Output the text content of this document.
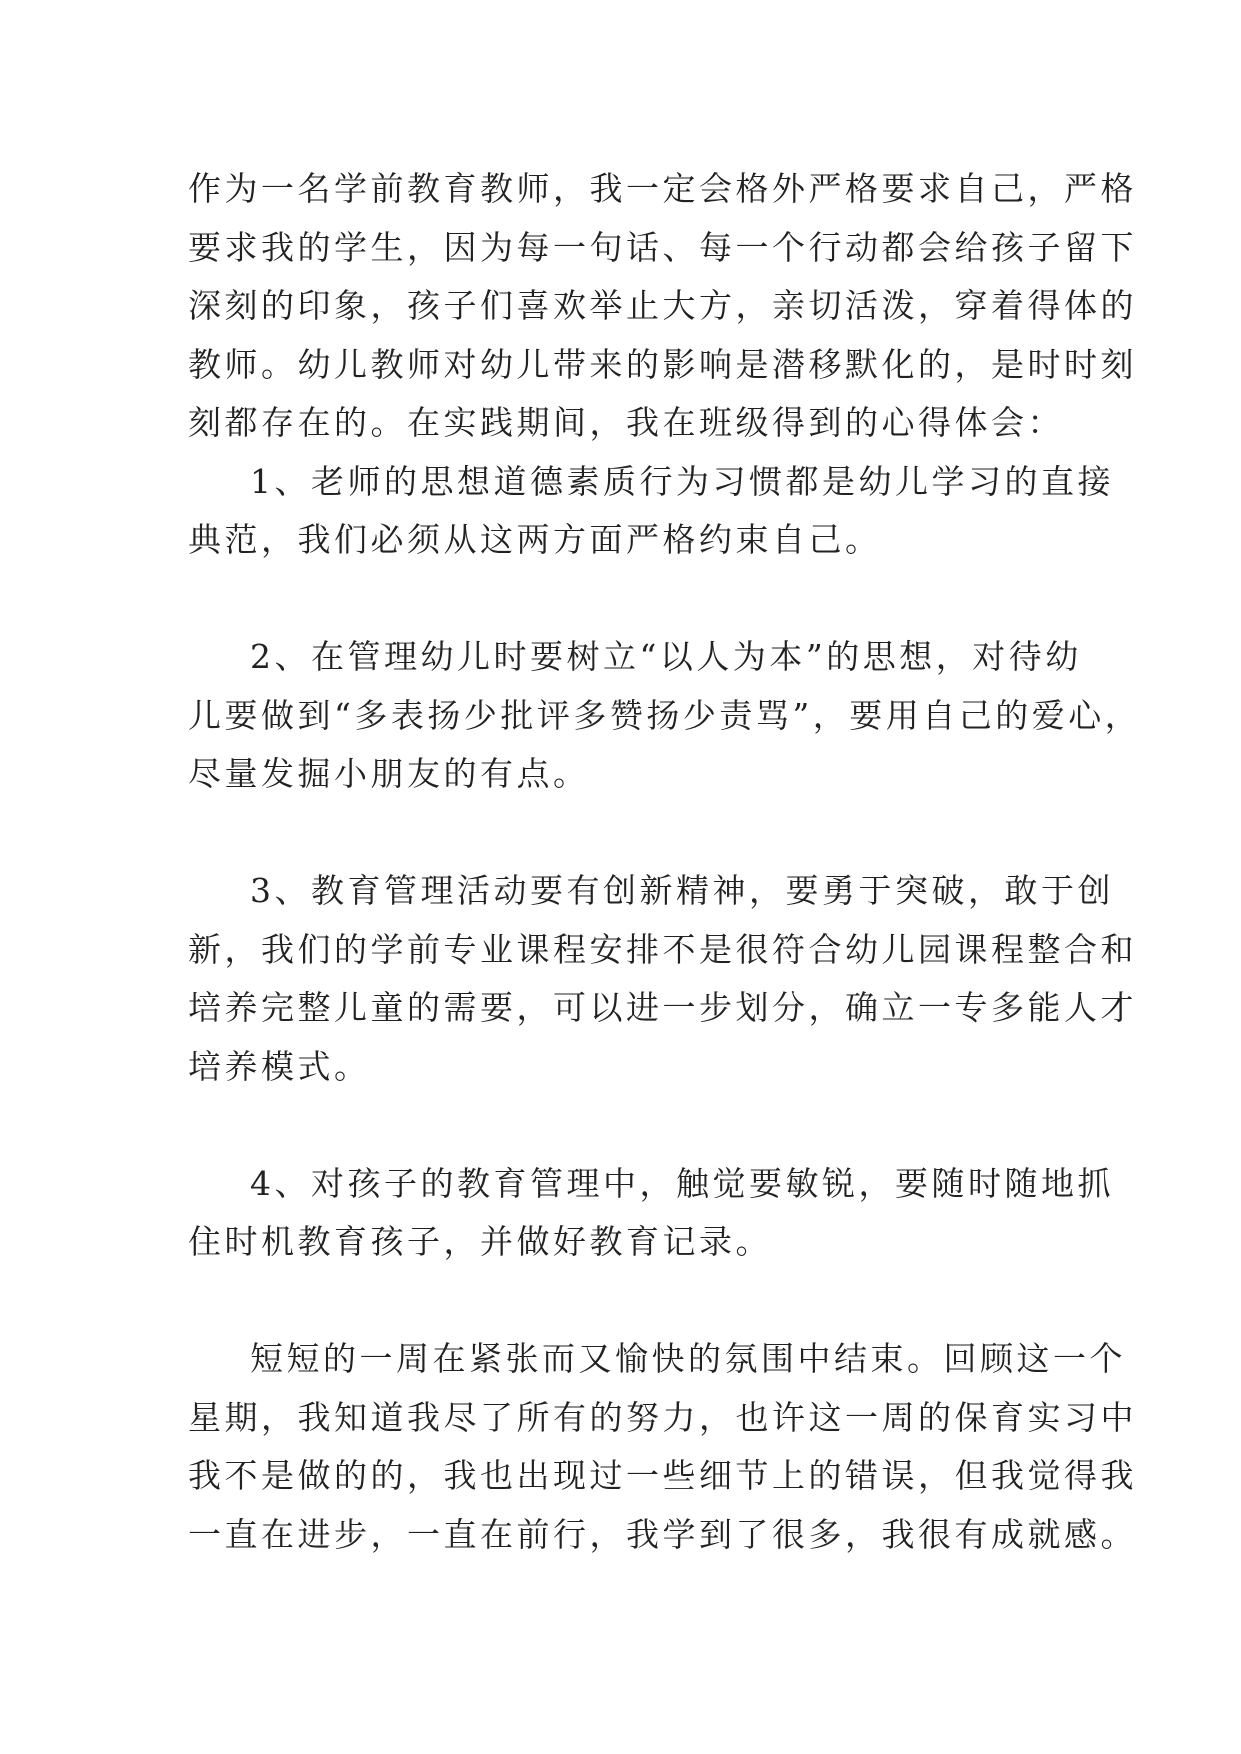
作为一名学前教育教师，我一定会格外严格要求自己，严格
要求我的学生，因为每一句话、每一个行动都会给孩子留下
深刻的印象，孩子们喜欢举止大方，亲切活泼，穿着得体的
教师。幼儿教师对幼儿带来的影响是潜移默化的，是时时刻
刻都存在的。在实践期间，我在班级得到的心得体会：
1、老师的思想道德素质行为习惯都是幼儿学习的直接
典范，我们必须从这两方面严格约束自己。
2、在管理幼儿时要树立“以人为本”的思想，对待幼
儿要做到“多表扬少批评多赞扬少责骂”，要用自己的爱心，
尽量发掘小朋友的有点。
3、教育管理活动要有创新精神，要勇于突破，敢于创
新，我们的学前专业课程安排不是很符合幼儿园课程整合和
培养完整儿童的需要，可以进一步划分，确立一专多能人才
培养模式。
4、对孩子的教育管理中，触觉要敏锐，要随时随地抓
住时机教育孩子，并做好教育记录。
短短的一周在紧张而又愉快的氛围中结束。回顾这一个
星期，我知道我尽了所有的努力，也许这一周的保育实习中
我不是做的的，我也出现过一些细节上的错误，但我觉得我
一直在进步，一直在前行，我学到了很多，我很有成就感。
